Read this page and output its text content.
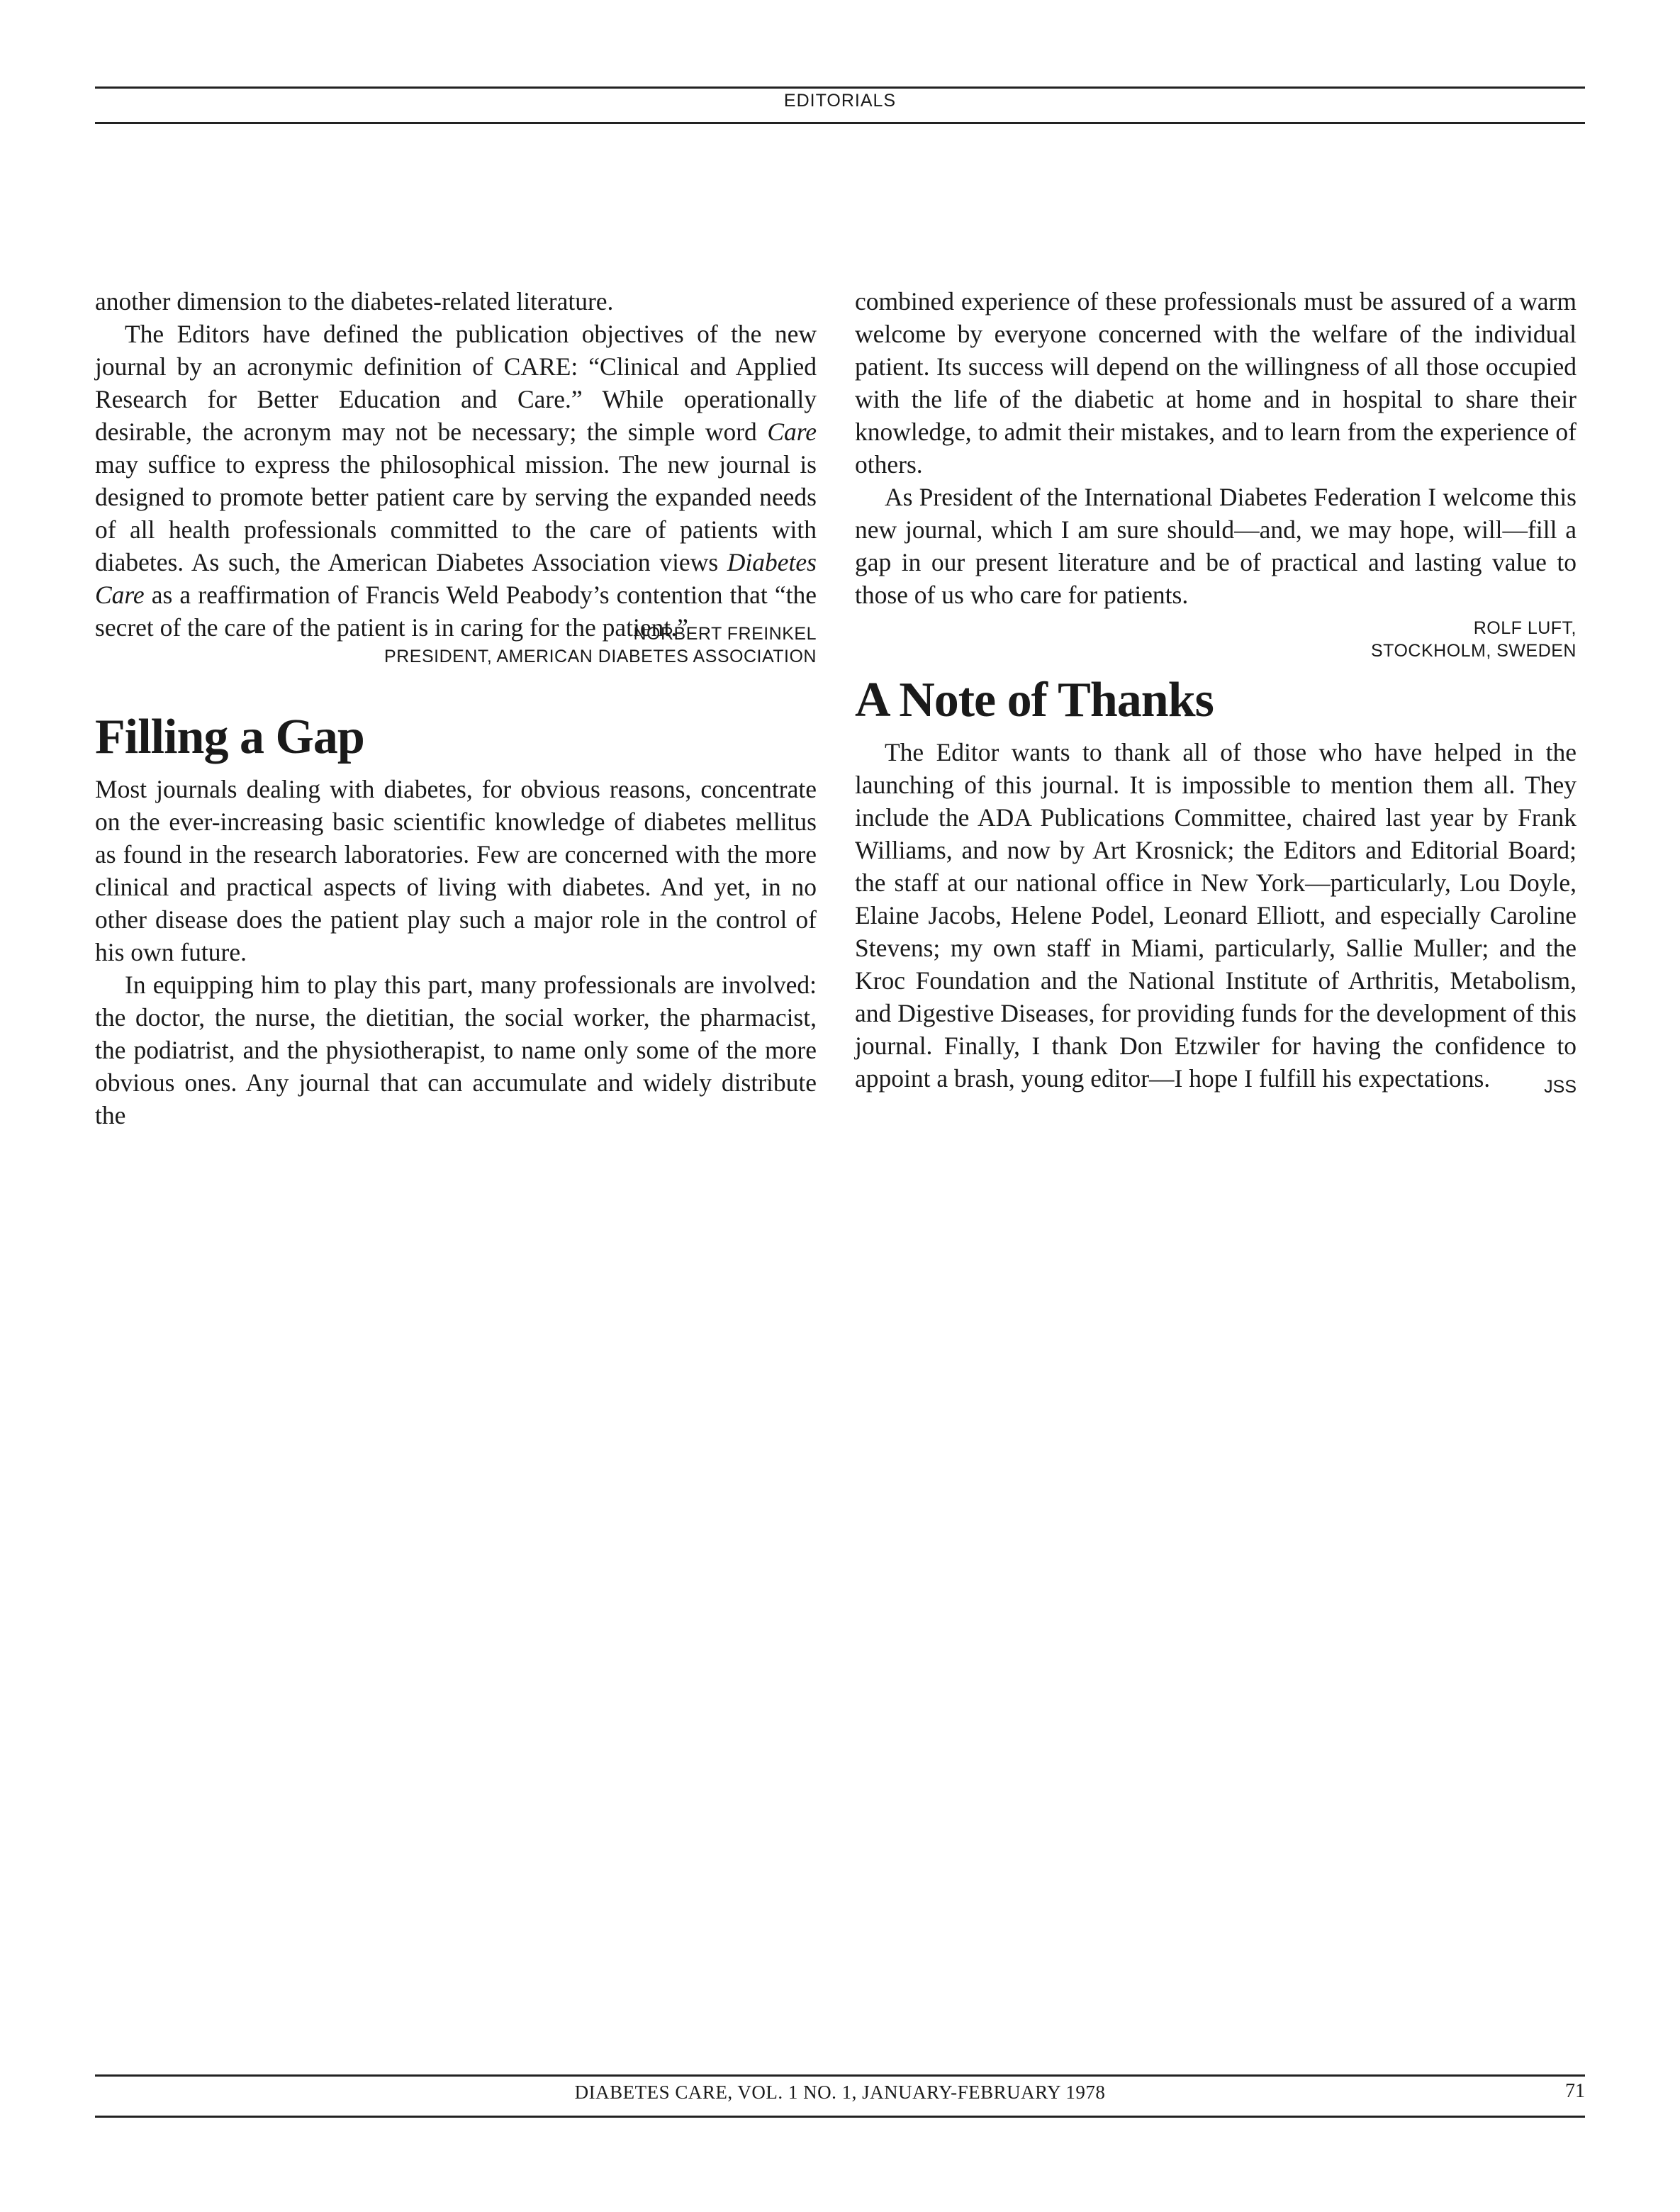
EDITORIALS

another dimension to the diabetes-related literature.

The Editors have defined the publication objectives of the new journal by an acronymic definition of CARE: “Clinical and Applied Research for Better Education and Care.” While operationally desirable, the acronym may not be necessary; the simple word Care may suffice to express the philosophical mission. The new journal is designed to promote better patient care by serving the expanded needs of all health professionals committed to the care of patients with diabetes. As such, the American Diabetes Association views Diabetes Care as a reaffirmation of Francis Weld Peabody’s contention that “the secret of the care of the patient is in caring for the patient.”

NORBERT FREINKEL
PRESIDENT, AMERICAN DIABETES ASSOCIATION
Filling a Gap

Most journals dealing with diabetes, for obvious reasons, concentrate on the ever-increasing basic scientific knowledge of diabetes mellitus as found in the research laboratories. Few are concerned with the more clinical and practical aspects of living with diabetes. And yet, in no other disease does the patient play such a major role in the control of his own future.

In equipping him to play this part, many professionals are involved: the doctor, the nurse, the dietitian, the social worker, the pharmacist, the podiatrist, and the physiotherapist, to name only some of the more obvious ones. Any journal that can accumulate and widely distribute the

combined experience of these professionals must be assured of a warm welcome by everyone concerned with the welfare of the individual patient. Its success will depend on the willingness of all those occupied with the life of the diabetic at home and in hospital to share their knowledge, to admit their mistakes, and to learn from the experience of others.

As President of the International Diabetes Federation I welcome this new journal, which I am sure should—and, we may hope, will—fill a gap in our present literature and be of practical and lasting value to those of us who care for patients.

ROLF LUFT,
STOCKHOLM, SWEDEN
A Note of Thanks

The Editor wants to thank all of those who have helped in the launching of this journal. It is impossible to mention them all. They include the ADA Publications Committee, chaired last year by Frank Williams, and now by Art Krosnick; the Editors and Editorial Board; the staff at our national office in New York—particularly, Lou Doyle, Elaine Jacobs, Helene Podel, Leonard Elliott, and especially Caroline Stevens; my own staff in Miami, particularly, Sallie Muller; and the Kroc Foundation and the National Institute of Arthritis, Metabolism, and Digestive Diseases, for providing funds for the development of this journal. Finally, I thank Don Etzwiler for having the confidence to appoint a brash, young editor—I hope I fulfill his expectations.	JSS

DIABETES CARE, VOL. 1 NO. 1, JANUARY-FEBRUARY 1978	71
